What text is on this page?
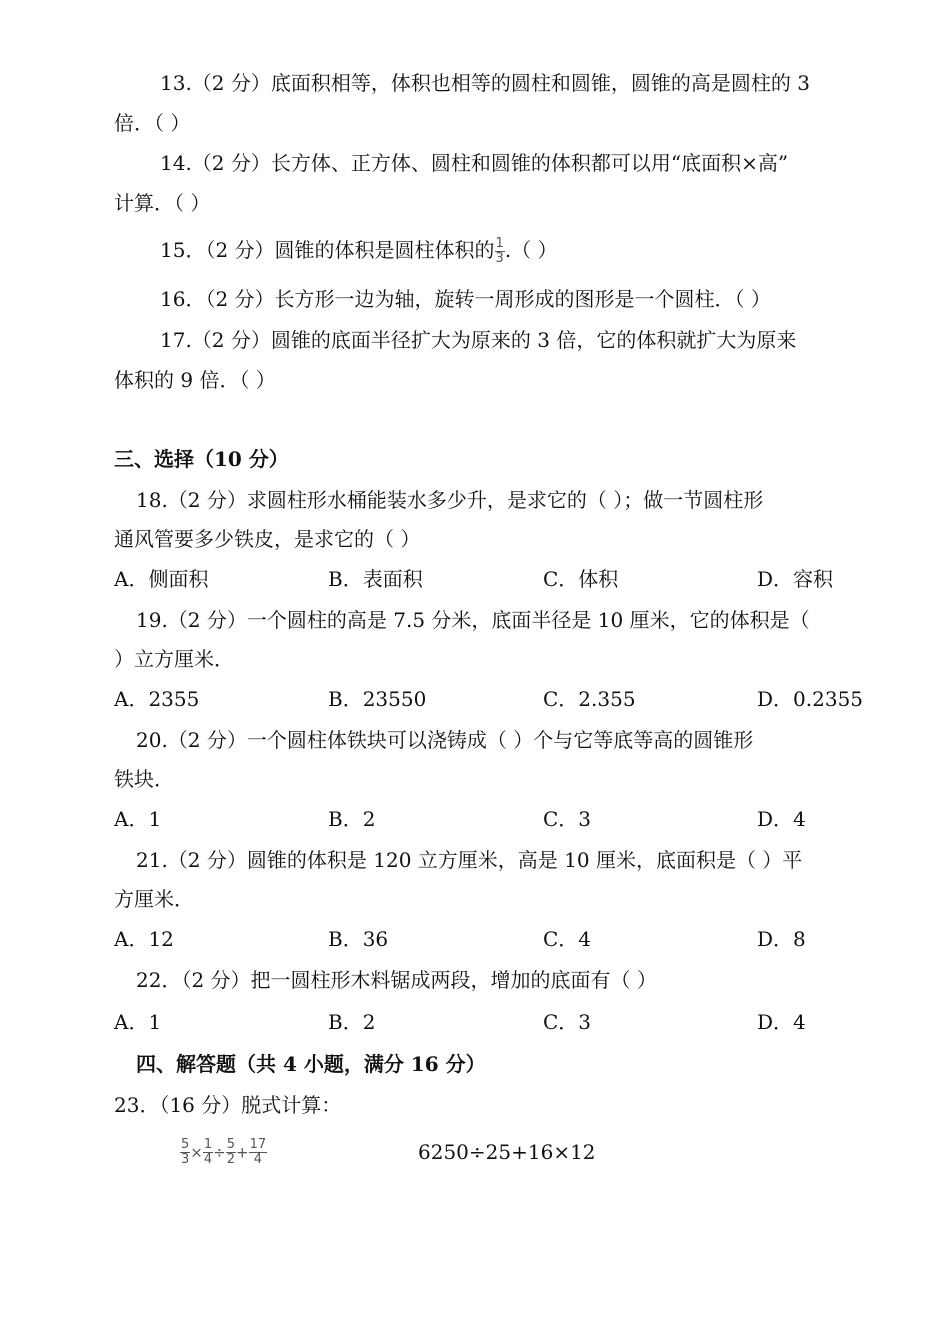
13.（2 分）底面积相等，体积也相等的圆柱和圆锥，圆锥的高是圆柱的 3
倍．（ ）
14.（2 分）长方体、正方体、圆柱和圆锥的体积都可以用“底面积×高”
计算．（ ）
15．（2 分）圆锥的体积是圆柱体积的 $\frac{1}{3}$ .（ ）
16．（2 分）长方形一边为轴，旋转一周形成的图形是一个圆柱．（ ）
17.（2 分）圆锥的底面半径扩大为原来的 3 倍，它的体积就扩大为原来
体积的 9 倍．（ ）
三、选择（10 分）
18.（2 分）求圆柱形水桶能装水多少升，是求它的（ ）；做一节圆柱形
通风管要多少铁皮，是求它的（ ）
A．侧面积	B．表面积	C．体积	D．容积
19.（2 分）一个圆柱的高是 7.5 分米，底面半径是 10 厘米，它的体积是（
）立方厘米．
A．2355	B．23550	C．2.355	D．0.2355
20.（2 分）一个圆柱体铁块可以浇铸成（ ）个与它等底等高的圆锥形
铁块．
A．1	B．2	C．3	D．4
21.（2 分）圆锥的体积是 120 立方厘米，高是 10 厘米，底面积是（ ）平
方厘米．
A．12	B．36	C．4	D．8
22．（2 分）把一圆柱形木料锯成两段，增加的底面有（ ）
A．1	B．2	C．3	D．4
四、解答题（共 4 小题，满分 16 分）
23．（16 分）脱式计算：
$\frac{5}{3} \times \frac{1}{4} \div \frac{5}{2} + \frac{17}{4}$	6250÷25+16×12
